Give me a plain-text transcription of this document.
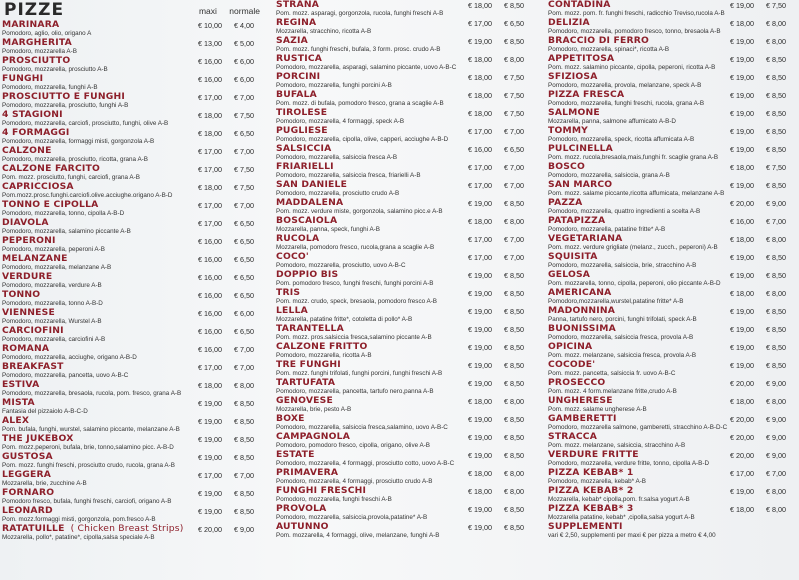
PIZZE	maxi normale
MARINARA
Pomodoro, aglio, olio, origano A
€ 10,00 € 4,00
MARGHERITA
Pomodoro, mozzarella A-B
€ 13,00 € 5,00
PROSCIUTTO
Pomodoro, mozzarella, prosciutto A-B
€ 16,00 € 6,00
FUNGHI
Pomodoro, mozzarella, funghi A-B
€ 16,00 € 6,00
PROSCIUTTO E FUNGHI
Pomodoro, mozzarella, prosciutto, funghi A-B
€ 17,00 € 7,00
4 STAGIONI
Pomodoro, mozzarella, carciofi, prosciutto, funghi, olive A-B
€ 18,00 € 7,50
4 FORMAGGI
Pomodoro, mozzarella, formaggi misti, gorgonzola A-B
€ 18,00 € 6,50
CALZONE
Pomodoro, mozzarella, prosciutto, ricotta, grana A-B
€ 17,00 € 7,00
CALZONE FARCITO
Pom. mozz. prosciutto, funghi, carciofi, grana A-B
€ 17,00 € 7,50
CAPRICCIOSA
Pom.mozz.prosc.funghi.carciofi.olive.acciughe.origano A-B-D
€ 18,00 € 7,50
TONNO E CIPOLLA
Pomodoro, mozzarella, tonno, cipolla A-B-D
€ 17,00 € 7,00
DIAVOLA
Pomodoro, mozzarella, salamino piccante A-B
€ 17,00 € 6,50
PEPERONI
Pomodoro, mozzarella, peperoni A-B
€ 16,00 € 6,50
MELANZANE
Pomodoro, mozzarella, melanzane A-B
€ 16,00 € 6,50
VERDURE
Pomodoro, mozzarella, verdure A-B
€ 16,00 € 6,50
TONNO
Pomodoro, mozzarella, tonno A-B-D
€ 16,00 € 6,50
VIENNESE
Pomodoro, mozzarella, Wurstel A-B
€ 16,00 € 6,00
CARCIOFINI
Pomodoro, mozzarella, carciofini A-B
€ 16,00 € 6,50
ROMANA
Pomodoro, mozzarella, acciughe, origano A-B-D
€ 16,00 € 7,00
BREAKFAST
Pomodoro, mozzarella, pancetta, uovo A-B-C
€ 17,00 € 7,00
ESTIVA
Pomodoro, mozzarella, bresaola, rucola, pom. fresco, grana A-B
€ 18,00 € 8,00
MISTA
Fantasia del pizzaiolo A-B-C-D
€ 19,00 € 8,50
ALEX
Pom. bufala, funghi, wurstel, salamino piccante, melanzane A-B
€ 19,00 € 8,50
THE JUKEBOX
Pom. mozz.peperoni, bufala, brie, tonno,salamino picc. A-B-D
€ 19,00 € 8,50
GUSTOSA
Pom. mozz. funghi freschi, prosciutto crudo, rucola, grana A-B
€ 19,00 € 8,50
LEGGERA
Mozzarella, brie, zucchine A-B
€ 17,00 € 7,00
FORNARO
Pomodoro fresco, bufala, funghi freschi, carciofi, origano A-B
€ 19,00 € 8,50
LEONARD
Pom. mozz.formaggi misti, gorgonzola, pom.fresco A-B
€ 19,00 € 8,50
RATATUILLE ( Chicken Breast Strips)
Mozzarella, pollo*, patatine*, cipolla,salsa speciale A-B
€ 20,00 € 9,00
STRANA
Pom. mozz. asparagi, gorgonzola, rucola, funghi freschi A-B
€ 18,00 € 8,50
REGINA
Mozzarella, stracchino, ricotta A-B
€ 17,00 € 6,50
SAZIA
Pom. mozz. funghi freschi, bufala, 3 form. prosc. crudo A-B
€ 19,00 € 8,50
RUSTICA
Pomodoro, mozzarella, asparagi, salamino piccante, uovo A-B-C
€ 18,00 € 8,00
PORCINI
Pomodoro, mozzarella, funghi porcini A-B
€ 18,00 € 7,50
BUFALA
Pom. mozz. di bufala, pomodoro fresco, grana a scaglie A-B
€ 18,00 € 7,50
TIROLESE
Pomodoro, mozzarella, 4 formaggi, speck A-B
€ 18,00 € 7,50
PUGLIESE
Pomodoro, mozzarella, cipolla, olive, capperi, acciughe A-B-D
€ 17,00 € 7,00
SALSICCIA
Pomodoro, mozzarella, salsiccia fresca A-B
€ 16,00 € 6,50
FRIARIELLI
Pomodoro, mozzarella, salsiccia fresca, friarielli A-B
€ 17,00 € 7,00
SAN DANIELE
Pomodoro, mozzarella, prosciutto crudo A-B
€ 17,00 € 7,00
MADDALENA
Pom. mozz. verdure miste, gorgonzola, salamino picc.e A-B
€ 19,00 € 8,50
BOSCAIOLA
Mozzarella, panna, speck, funghi A-B
€ 18,00 € 8,00
RUCOLA
Mozzarella, pomodoro fresco, rucola,grana a scaglie A-B
€ 17,00 € 7,00
COCO'
Pomodoro, mozzarella, prosciutto, uovo A-B-C
€ 17,00 € 7,00
DOPPIO BIS
Pom. pomodoro fresco, funghi freschi, funghi porcini A-B
€ 19,00 € 8,50
TRIS
Pom. mozz. crudo, speck, bresaola, pomodoro fresco A-B
€ 19,00 € 8,50
LELLA
Mozzarella, patatine fritte*, cotoletta di pollo* A-B
€ 19,00 € 8,50
TARANTELLA
Pom. mozz. pros.salsiccia fresca,salamino piccante A-B
€ 19,00 € 8,50
CALZONE FRITTO
Pomodoro, mozzarella, ricotta A-B
€ 19,00 € 8,50
TRE FUNGHI
Pom. mozz. funghi trifolati, funghi porcini, funghi freschi A-B
€ 19,00 € 8,50
TARTUFATA
Pomodoro, mozzarella, pancetta, tartufo nero,panna A-B
€ 19,00 € 8,50
GENOVESE
Mozzarella, brie, pesto A-B
€ 18,00 € 8,00
BOXE
Pomodoro, mozzarella, salsiccia fresca,salamino, uovo A-B-C
€ 19,00 € 8,50
CAMPAGNOLA
Pomodoro, pomodoro fresco, cipolla, origano, olive A-B
€ 19,00 € 8,50
ESTATE
Pomodoro, mozzarella, 4 formaggi, prosciutto cotto, uovo A-B-C
€ 19,00 € 8,50
PRIMAVERA
Pomodoro, mozzarella, 4 formaggi, prosciutto crudo A-B
€ 18,00 € 8,00
FUNGHI FRESCHI
Pomodoro, mozzarella, funghi freschi A-B
€ 18,00 € 8,00
PROVOLA
Pomodoro, mozzarella, salsiccia,provola,patatine* A-B
€ 19,00 € 8,50
AUTUNNO
Pom. mozzarella, 4 formaggi, olive, melanzane, funghi A-B
€ 19,00 € 8,50
CONTADINA
Pom. mozz. pom. fr. funghi freschi, radicchio Treviso,rucola A-B
€ 19,00 € 7,50
DELIZIA
Pomodoro, mozzarella, pomodoro fresco, tonno, bresaola A-B
€ 18,00 € 8,00
BRACCIO DI FERRO
Pomodoro, mozzarella, spinaci*, ricotta A-B
€ 19,00 € 8,00
APPETITOSA
Pom. mozz. salamino piccante, cipolla, peperoni, ricotta A-B
€ 19,00 € 8,50
SFIZIOSA
Pomodoro, mozzarella, provola, melanzane, speck A-B
€ 19,00 € 8,50
PIZZA FRESCA
Pomodoro, mozzarella, funghi freschi, rucola, grana A-B
€ 19,00 € 8,50
SALMONE
Mozzarella, panna, salmone affumicato A-B-D
€ 19,00 € 8,50
TOMMY
Pomodoro, mozzarella, speck, ricotta affumicata A-B
€ 19,00 € 8,50
PULCINELLA
Pom. mozz. rucola,bresaola,mais,funghi fr. scaglie grana A-B
€ 19,00 € 8,50
BOSCO
Pomodoro, mozzarella, salsiccia, grana A-B
€ 18,00 € 7,50
SAN MARCO
Pom. mozz. salame piccante,ricotta affumicata, melanzane A-B
€ 19,00 € 8,50
PAZZA
Pomodoro, mozzarella, quattro ingredienti a scelta A-B
€ 20,00 € 9,00
PATAPIZZA
Pomodoro, mozzarella, patatine fritte* A-B
€ 16,00 € 7,00
VEGETARIANA
Pom. mozz. verdure grigliate (melanz., zucch., peperoni) A-B
€ 18,00 € 8,00
SQUISITA
Pomodoro, mozzarella, salsiccia, brie, stracchino A-B
€ 19,00 € 8,50
GELOSA
Pom. mozzarella, tonno, cipolla, peperoni, olio piccante A-B-D
€ 19,00 € 8,50
AMERICANA
Pomodoro,mozzarella,wurstel,patatine fritte* A-B
€ 18,00 € 8,00
MADONNINA
Panna, tartufo nero, porcini, funghi trifolati, speck A-B
€ 19,00 € 8,50
BUONISSIMA
Pomodoro, mozzarella, salsiccia fresca, provola A-B
€ 19,00 € 8,50
OPICINA
Pom. mozz. melanzane, salsiccia fresca, provola A-B
€ 19,00 € 8,50
COCODE'
Pom. mozz. pancetta, salsiccia fr. uovo A-B-C
€ 19,00 € 8,50
PROSECCO
Pom. mozz. 4 form.melanzane fritte,crudo A-B
€ 20,00 € 9,00
UNGHERESE
Pom. mozz. salame ungherese A-B
€ 18,00 € 8,00
GAMBERETTI
Pomodoro, mozzarella salmone, gamberetti, stracchino A-B-D-C
€ 20,00 € 9,00
STRACCA
Pom. mozz. melanzane, salsiccia, stracchino A-B
€ 20,00 € 9,00
VERDURE FRITTE
Pomodoro, mozzarella, verdure fritte, tonno, cipolla A-B-D
€ 20,00 € 9,00
PIZZA KEBAB* 1
Pomodoro, mozzarella, kebab* A-B
€ 17,00 € 7,00
PIZZA KEBAB* 2
Mozzarella, kebab* cipolla,pom. fr.salsa yogurt A-B
€ 19,00 € 8,00
PIZZA KEBAB* 3
Mozzarella patatine, kebab* ,cipolla,salsa yogurt A-B
€ 18,00 € 8,00
SUPPLEMENTI
vari € 2,50, supplementi per maxi € per pizza a metro € 4,00
